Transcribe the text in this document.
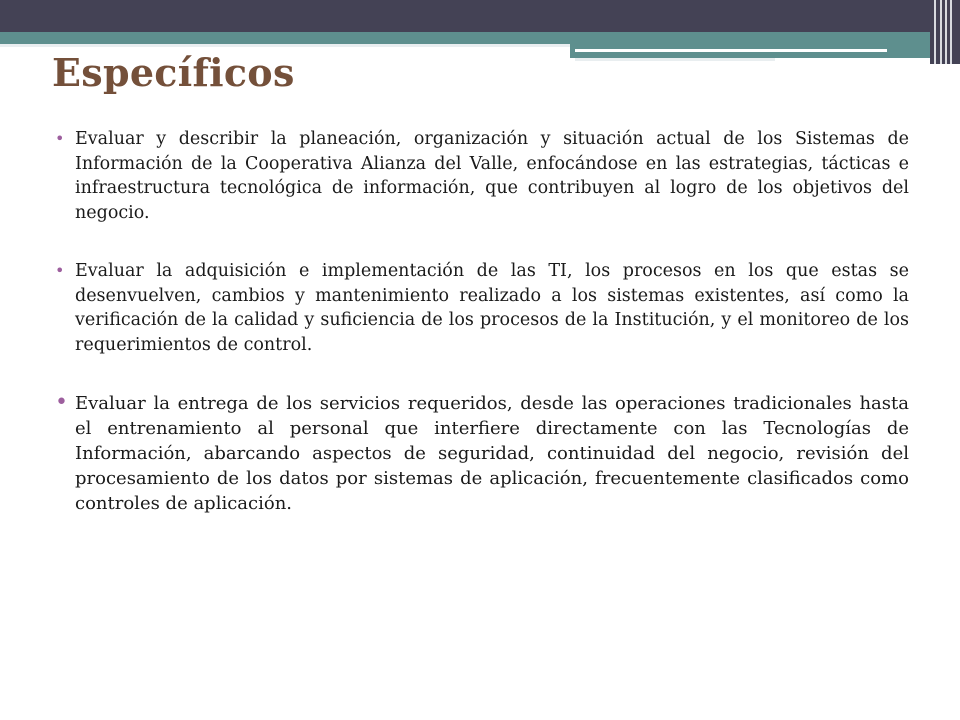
Específicos
• Evaluar y describir la planeación, organización y situación actual de los Sistemas de Información de la Cooperativa Alianza del Valle, enfocándose en las estrategias, tácticas e infraestructura tecnológica de información, que contribuyen al logro de los objetivos del negocio.
• Evaluar la adquisición e implementación de las TI, los procesos en los que estas se desenvuelven, cambios y mantenimiento realizado a los sistemas existentes, así como la verificación de la calidad y suficiencia de los procesos de la Institución, y el monitoreo de los requerimientos de control.
• Evaluar la entrega de los servicios requeridos, desde las operaciones tradicionales hasta el entrenamiento al personal que interfiere directamente con las Tecnologías de Información, abarcando aspectos de seguridad, continuidad del negocio, revisión del procesamiento de los datos por sistemas de aplicación, frecuentemente clasificados como controles de aplicación.
